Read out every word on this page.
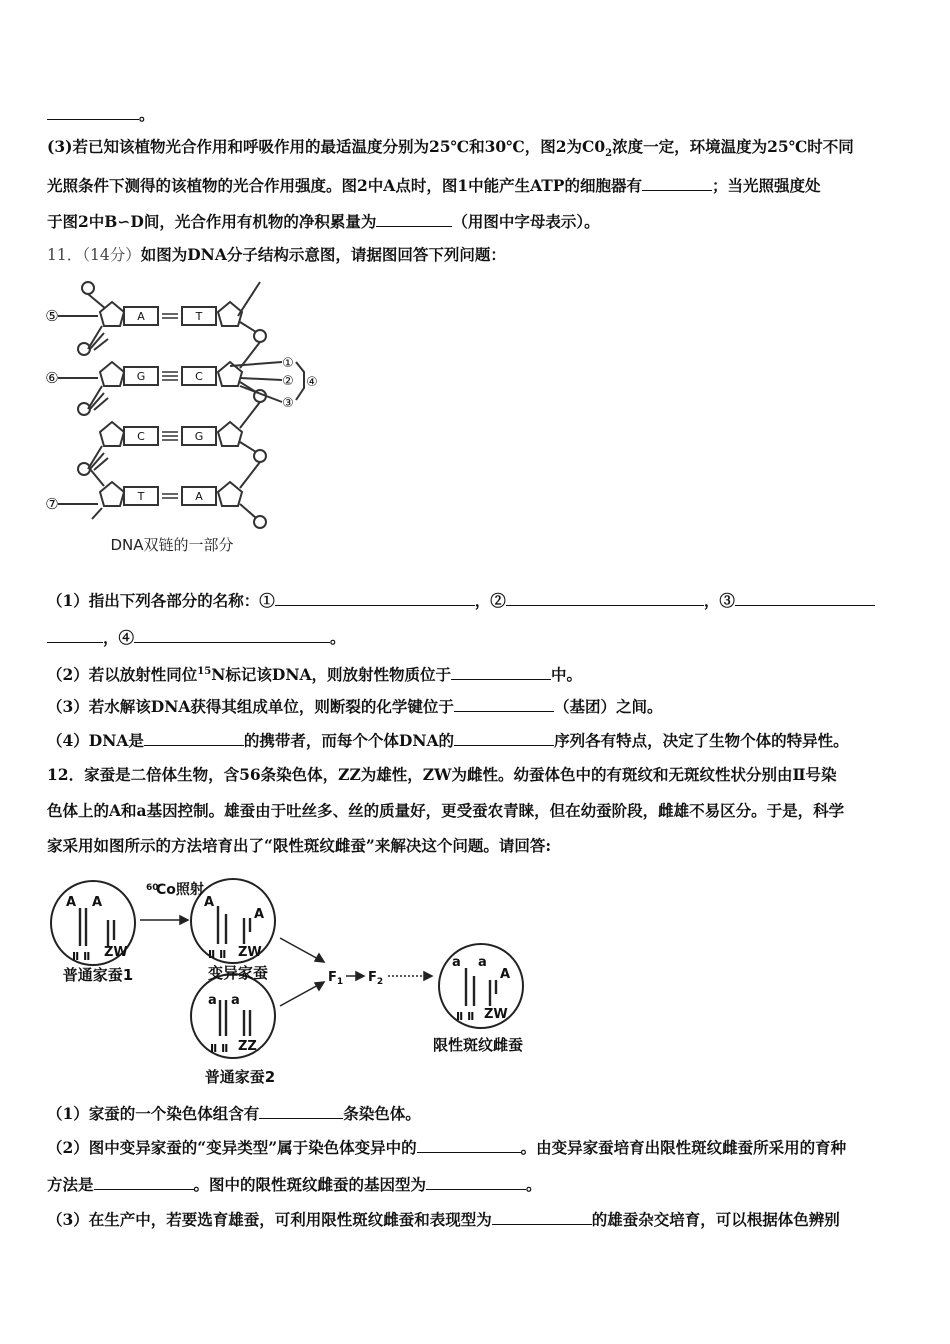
。
(3)若已知该植物光合作用和呼吸作用的最适温度分别为25℃和30℃，图2为$C0_2$浓度一定，环境温度为25℃时不同
光照条件下测得的该植物的光合作用强度。图2中A点时，图1中能产生ATP的细胞器有	；当光照强度处
于图2中B∽D间，光合作用有机物的净积累量为	（用图中字母表示）。
11．（14分）如图为DNA分子结构示意图，请据图回答下列问题：
A	T
G	C
C	G
T	A
⑤
⑥
⑦
①
②
③
④
DNA双链的一部分
（1）指出下列各部分的名称：①	，②	，③
，④	。
（2）若以放射性同位$^{15}$N标记该DNA，则放射性物质位于	中。
（3）若水解该DNA获得其组成单位，则断裂的化学键位于	（基团）之间。
（4）DNA是	的携带者，而每个个体DNA的	序列各有特点，决定了生物个体的特异性。
12．家蚕是二倍体生物，含56条染色体，ZZ为雄性，ZW为雌性。幼蚕体色中的有斑纹和无斑纹性状分别由Ⅱ号染
色体上的A和a基因控制。雄蚕由于吐丝多、丝的质量好，更受蚕农青睐，但在幼蚕阶段，雌雄不易区分。于是，科学
家采用如图所示的方法培育出了“限性斑纹雌蚕”来解决这个问题。请回答:
60
Co照射
A A
Ⅱ Ⅱ ZW
A
A
Ⅱ Ⅱ ZW
a a
Ⅱ Ⅱ ZZ
a a
A
Ⅱ Ⅱ ZW
$F_1$ $F_2$
普通家蚕1	变异家蚕
普通家蚕2
限性斑纹雌蚕
（1）家蚕的一个染色体组含有	条染色体。
（2）图中变异家蚕的“变异类型”属于染色体变异中的	。由变异家蚕培育出限性斑纹雌蚕所采用的育种
方法是	。图中的限性斑纹雌蚕的基因型为	。
（3）在生产中，若要选育雄蚕，可利用限性斑纹雌蚕和表现型为	的雄蚕杂交培育，可以根据体色辨别
